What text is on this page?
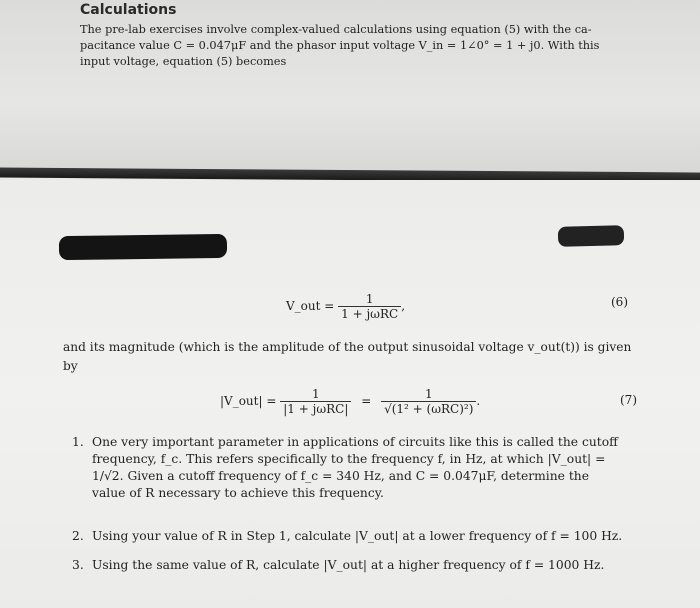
Calculations
The pre-lab exercises involve complex-valued calculations using equation (5) with the ca-
pacitance value C = 0.047μF and the phasor input voltage V_in = 1∠0° = 1 + j0. With this
input voltage, equation (5) becomes
V_out = $\frac{1}{\text{1 + jωRC}}$ ,	(6)
and its magnitude (which is the amplitude of the output sinusoidal voltage v_out(t)) is given
by
|V_out| = $\frac{1}{\text{|1 + jωRC|}} = \frac{1}{\text{√(1² + (ωRC)²)}}$ .	(7)
1. One very important parameter in applications of circuits like this is called the cutoff
frequency, f_c. This refers specifically to the frequency f, in Hz, at which |V_out| =
1/√2. Given a cutoff frequency of f_c = 340 Hz, and C = 0.047μF, determine the
value of R necessary to achieve this frequency.
2. Using your value of R in Step 1, calculate |V_out| at a lower frequency of f = 100 Hz.
3. Using the same value of R, calculate |V_out| at a higher frequency of f = 1000 Hz.
